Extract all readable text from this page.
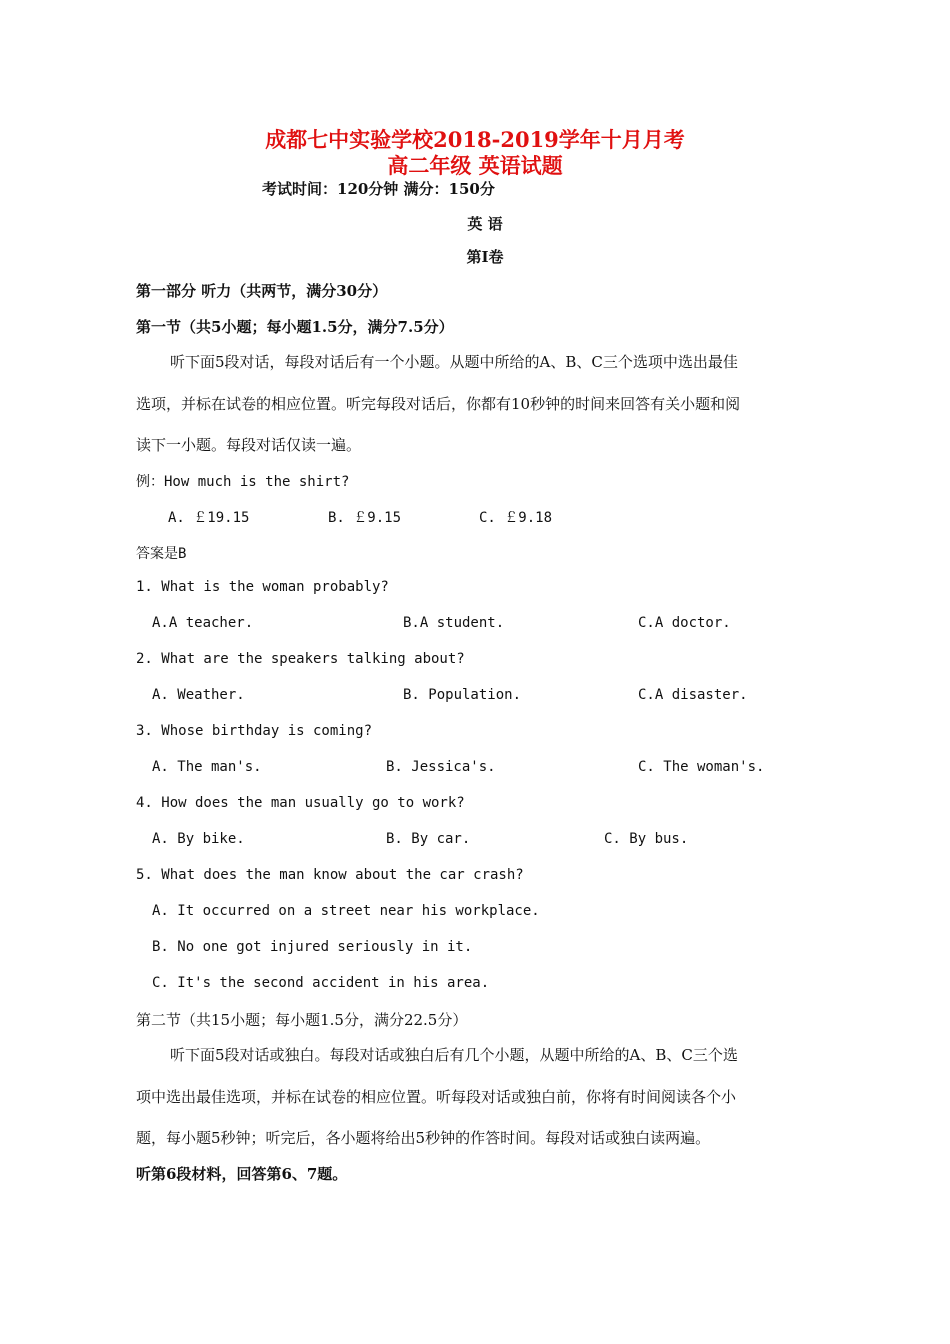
成都七中实验学校2018-2019学年十月月考
高二年级 英语试题
考试时间：120分钟 满分：150分
英 语
第Ⅰ卷
第一部分 听力（共两节，满分30分）
第一节（共5小题；每小题1.5分，满分7.5分）
听下面5段对话，每段对话后有一个小题。从题中所给的A、B、C三个选项中选出最佳
选项，并标在试卷的相应位置。听完每段对话后，你都有10秒钟的时间来回答有关小题和阅
读下一小题。每段对话仅读一遍。
例：How much is the shirt?
A. ￡19.15	B. ￡9.15	C. ￡9.18
答案是B
1. What is the woman probably?
A.A teacher.	B.A student.	C.A doctor.
2. What are the speakers talking about?
A. Weather.	B. Population.	C.A disaster.
3. Whose birthday is coming?
A. The man's.	B. Jessica's.	C. The woman's.
4. How does the man usually go to work?
A. By bike.	B. By car.	C. By bus.
5. What does the man know about the car crash?
A. It occurred on a street near his workplace.
B. No one got injured seriously in it.
C. It's the second accident in his area.
第二节（共15小题；每小题1.5分，满分22.5分）
听下面5段对话或独白。每段对话或独白后有几个小题，从题中所给的A、B、C三个选
项中选出最佳选项，并标在试卷的相应位置。听每段对话或独白前，你将有时间阅读各个小
题，每小题5秒钟；听完后，各小题将给出5秒钟的作答时间。每段对话或独白读两遍。
听第6段材料，回答第6、7题。
